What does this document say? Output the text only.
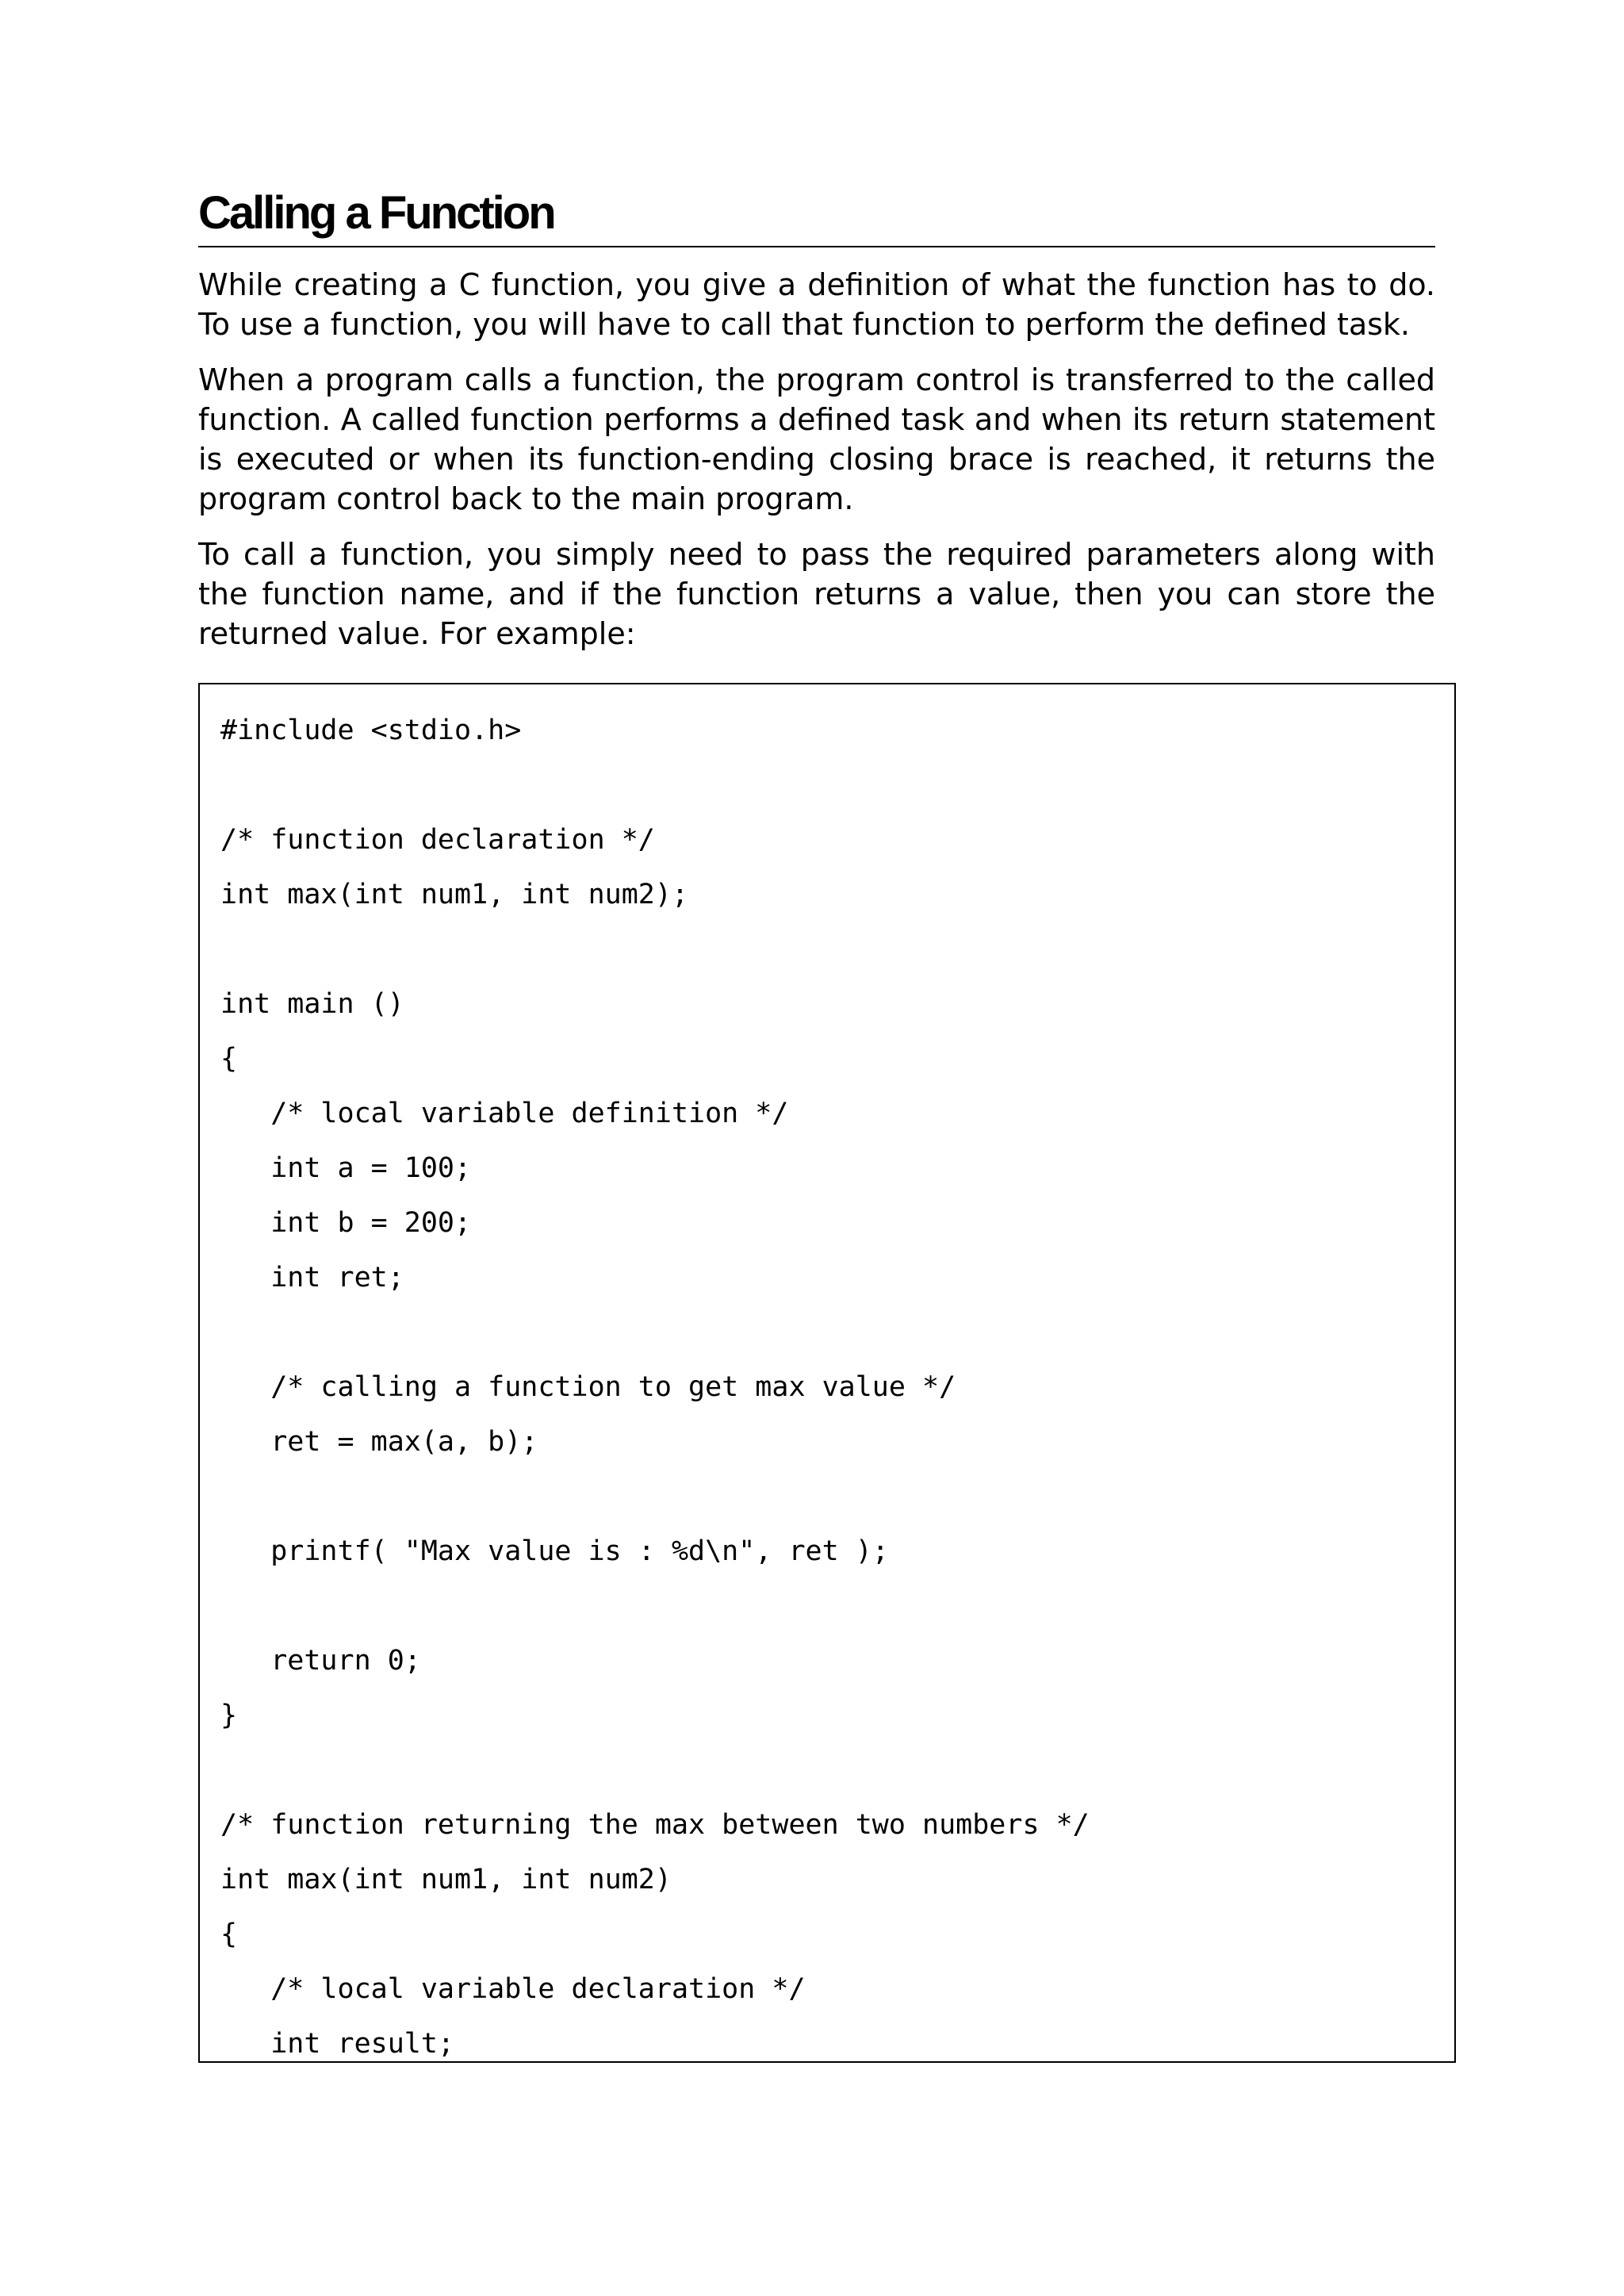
Calling a Function

While creating a C function, you give a definition of what the function has to do. To use a function, you will have to call that function to perform the defined task.

When a program calls a function, the program control is transferred to the called function. A called function performs a defined task and when its return statement is executed or when its function-ending closing brace is reached, it returns the program control back to the main program.

To call a function, you simply need to pass the required parameters along with the function name, and if the function returns a value, then you can store the returned value. For example:

#include <stdio.h>
/* function declaration */
int max(int num1, int num2);
int main ()
{
/* local variable definition */
int a = 100;
int b = 200;
int ret;
/* calling a function to get max value */
ret = max(a, b);
printf( "Max value is : %d\n", ret );
return 0;
}
/* function returning the max between two numbers */
int max(int num1, int num2)
{
/* local variable declaration */
int result;
